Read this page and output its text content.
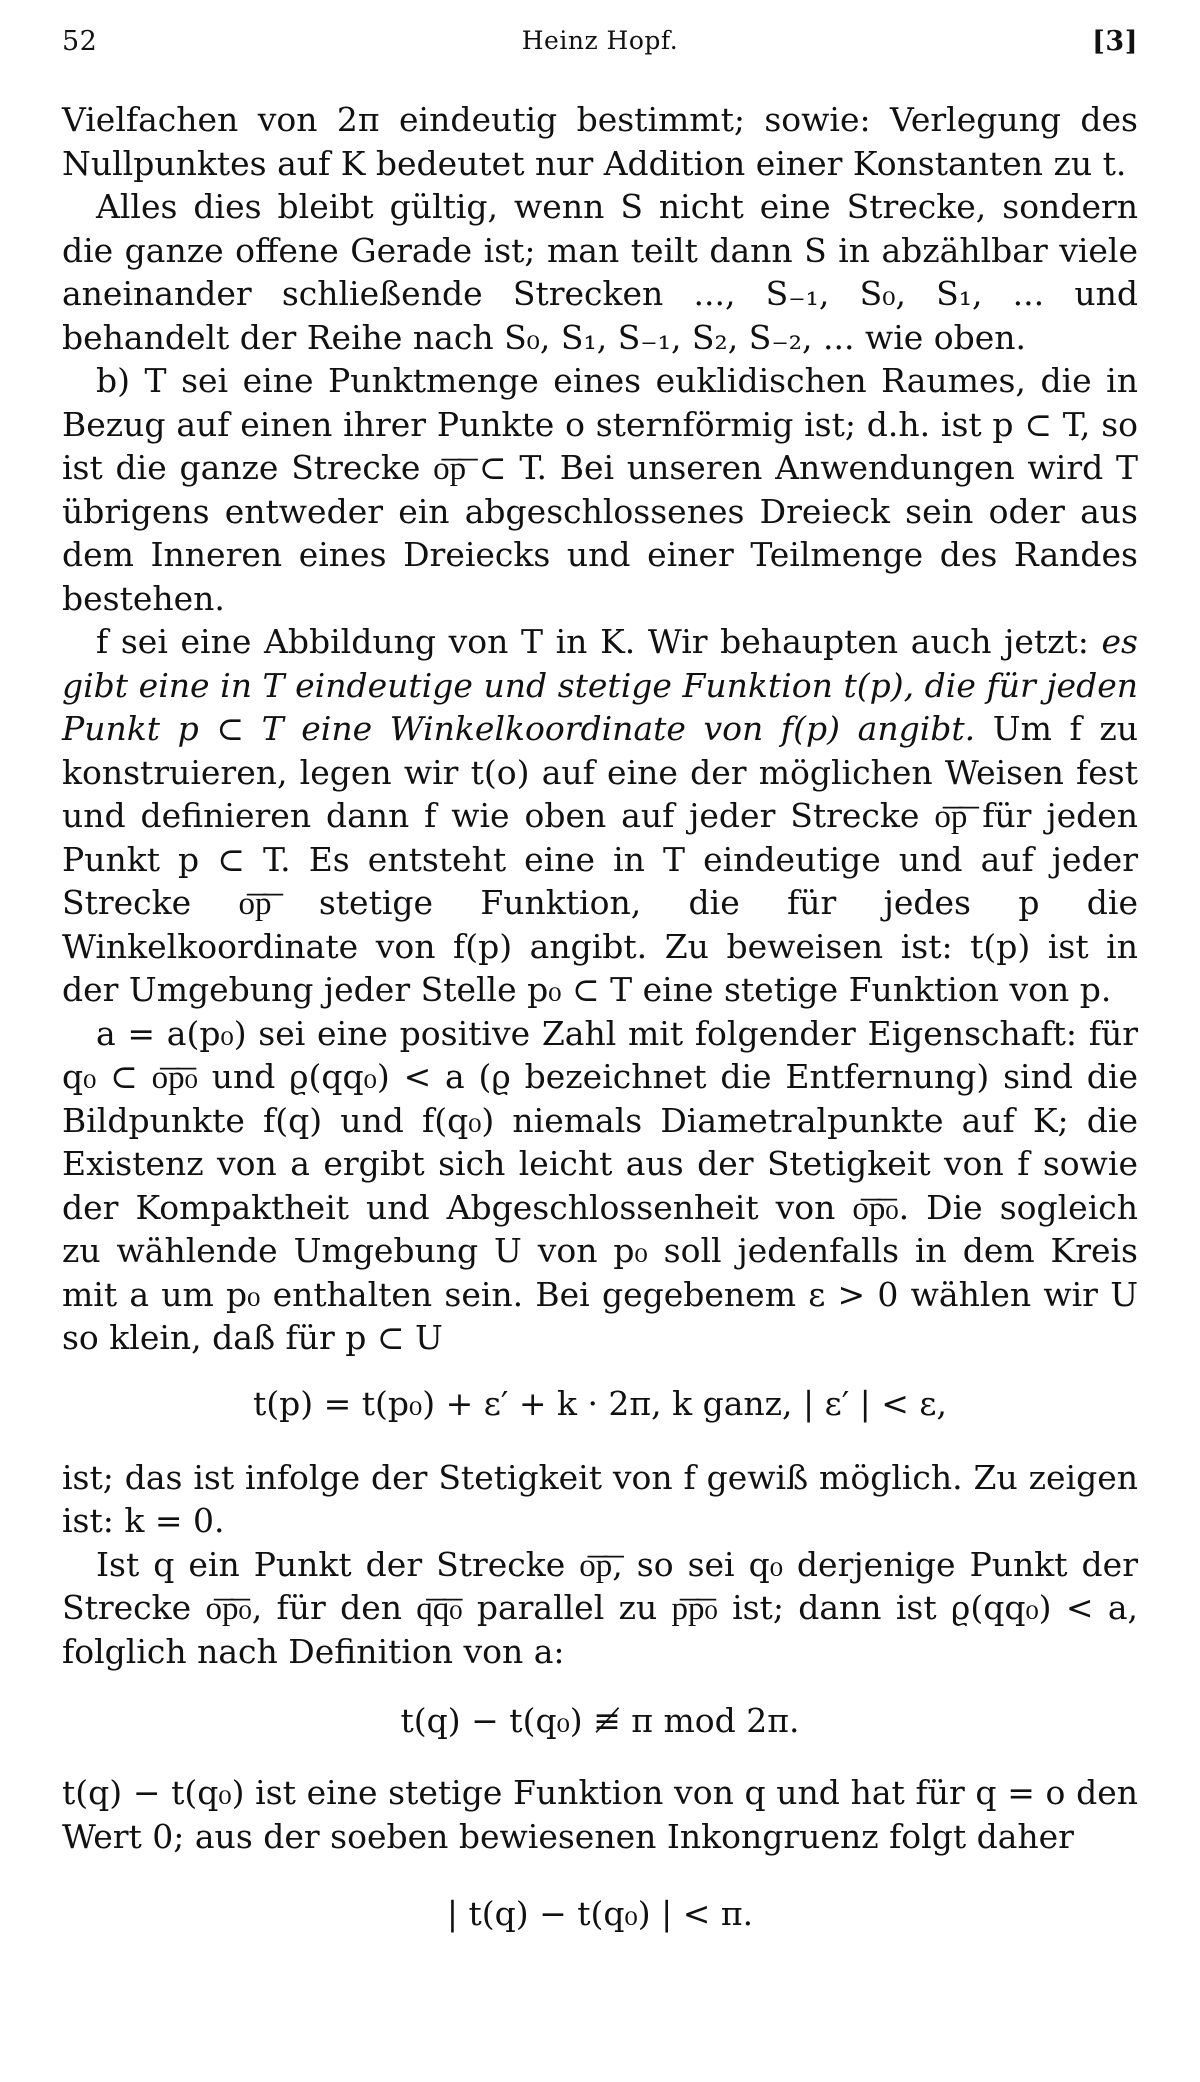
52	Heinz Hopf.	[3]

Vielfachen von 2π eindeutig bestimmt; sowie: Verlegung des Nullpunktes auf K bedeutet nur Addition einer Konstanten zu t.

Alles dies bleibt gültig, wenn S nicht eine Strecke, sondern die ganze offene Gerade ist; man teilt dann S in abzählbar viele aneinander schließende Strecken ..., S₋₁, S₀, S₁, ... und behandelt der Reihe nach S₀, S₁, S₋₁, S₂, S₋₂, ... wie oben.

b) T sei eine Punktmenge eines euklidischen Raumes, die in Bezug auf einen ihrer Punkte o sternförmig ist; d.h. ist p ⊂ T, so ist die ganze Strecke o͞p͞ ⊂ T. Bei unseren Anwendungen wird T übrigens entweder ein abgeschlossenes Dreieck sein oder aus dem Inneren eines Dreiecks und einer Teilmenge des Randes bestehen.

f sei eine Abbildung von T in K. Wir behaupten auch jetzt: es gibt eine in T eindeutige und stetige Funktion t(p), die für jeden Punkt p ⊂ T eine Winkelkoordinate von f(p) angibt. Um f zu konstruieren, legen wir t(o) auf eine der möglichen Weisen fest und definieren dann f wie oben auf jeder Strecke o͞p͞ für jeden Punkt p ⊂ T. Es entsteht eine in T eindeutige und auf jeder Strecke o͞p͞ stetige Funktion, die für jedes p die Winkelkoordinate von f(p) angibt. Zu beweisen ist: t(p) ist in der Umgebung jeder Stelle p₀ ⊂ T eine stetige Funktion von p.

a = a(p₀) sei eine positive Zahl mit folgender Eigenschaft: für q₀ ⊂ o͞p͞₀ und ϱ(qq₀) < a (ϱ bezeichnet die Entfernung) sind die Bildpunkte f(q) und f(q₀) niemals Diametralpunkte auf K; die Existenz von a ergibt sich leicht aus der Stetigkeit von f sowie der Kompaktheit und Abgeschlossenheit von o͞p͞₀. Die sogleich zu wählende Umgebung U von p₀ soll jedenfalls in dem Kreis mit a um p₀ enthalten sein. Bei gegebenem ε > 0 wählen wir U so klein, daß für p ⊂ U

t(p) = t(p₀) + ε′ + k · 2π, k ganz, | ε′ | < ε,

ist; das ist infolge der Stetigkeit von f gewiß möglich. Zu zeigen ist: k = 0.

Ist q ein Punkt der Strecke o͞p͞, so sei q₀ derjenige Punkt der Strecke o͞p͞₀, für den q͞q͞₀ parallel zu p͞p͞₀ ist; dann ist ϱ(qq₀) < a, folglich nach Definition von a:

t(q) − t(q₀) ≢ π mod 2π.

t(q) − t(q₀) ist eine stetige Funktion von q und hat für q = o den Wert 0; aus der soeben bewiesenen Inkongruenz folgt daher

| t(q) − t(q₀) | < π.
